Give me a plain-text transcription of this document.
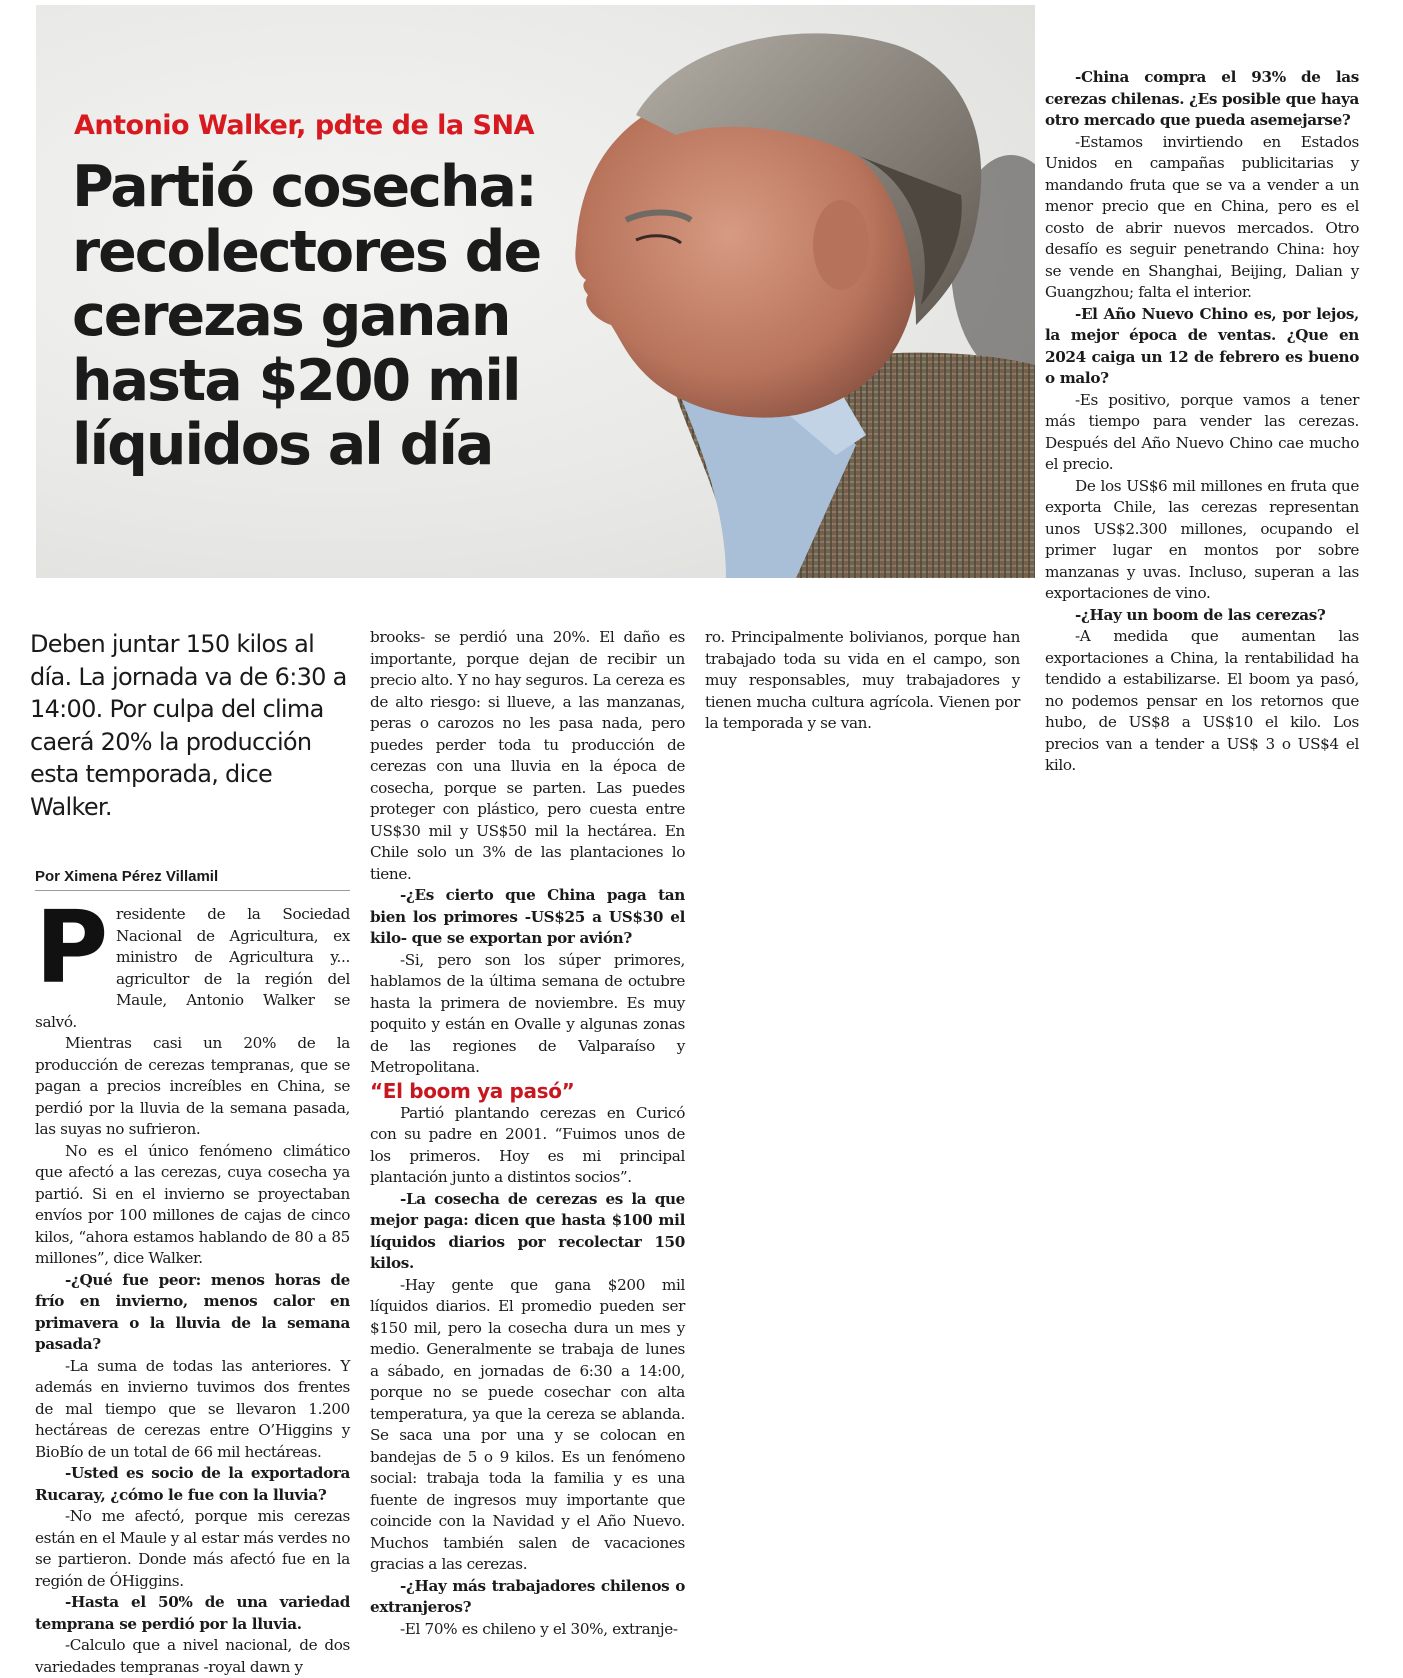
Antonio Walker, pdte de la SNA
Partió cosecha: recolectores de cerezas ganan hasta $200 mil líquidos al día

Deben juntar 150 kilos al día. La jornada va de 6:30 a 14:00. Por culpa del clima caerá 20% la producción esta temporada, dice Walker.

Por Ximena Pérez Villamil

Presidente de la Sociedad Nacional de Agricultura, ex ministro de Agricultura y... agricultor de la región del Maule, Antonio Walker se salvó.

Mientras casi un 20% de la producción de cerezas tempranas, que se pagan a precios increíbles en China, se perdió por la lluvia de la semana pasada, las suyas no sufrieron.

No es el único fenómeno climático que afectó a las cerezas, cuya cosecha ya partió. Si en el invierno se proyectaban envíos por 100 millones de cajas de cinco kilos, “ahora estamos hablando de 80 a 85 millones”, dice Walker.

-¿Qué fue peor: menos horas de frío en invierno, menos calor en primavera o la lluvia de la semana pasada?

-La suma de todas las anteriores. Y además en invierno tuvimos dos frentes de mal tiempo que se llevaron 1.200 hectáreas de cerezas entre O’Higgins y BioBío de un total de 66 mil hectáreas.

-Usted es socio de la exportadora Rucaray, ¿cómo le fue con la lluvia?

-No me afectó, porque mis cerezas están en el Maule y al estar más verdes no se partieron. Donde más afectó fue en la región de ÓHiggins.

-Hasta el 50% de una variedad temprana se perdió por la lluvia.

-Calculo que a nivel nacional, de dos variedades tempranas -royal dawn y

brooks- se perdió una 20%. El daño es importante, porque dejan de recibir un precio alto. Y no hay seguros. La cereza es de alto riesgo: si llueve, a las manzanas, peras o carozos no les pasa nada, pero puedes perder toda tu producción de cerezas con una lluvia en la época de cosecha, porque se parten. Las puedes proteger con plástico, pero cuesta entre US$30 mil y US$50 mil la hectárea. En Chile solo un 3% de las plantaciones lo tiene.

-¿Es cierto que China paga tan bien los primores -US$25 a US$30 el kilo- que se exportan por avión?

-Si, pero son los súper primores, hablamos de la última semana de octubre hasta la primera de noviembre. Es muy poquito y están en Ovalle y algunas zonas de las regiones de Valparaíso y Metropolitana.

“El boom ya pasó”

Partió plantando cerezas en Curicó con su padre en 2001. “Fuimos unos de los primeros. Hoy es mi principal plantación junto a distintos socios”.

-La cosecha de cerezas es la que mejor paga: dicen que hasta $100 mil líquidos diarios por recolectar 150 kilos.

-Hay gente que gana $200 mil líquidos diarios. El promedio pueden ser $150 mil, pero la cosecha dura un mes y medio. Generalmente se trabaja de lunes a sábado, en jornadas de 6:30 a 14:00, porque no se puede cosechar con alta temperatura, ya que la cereza se ablanda. Se saca una por una y se colocan en bandejas de 5 o 9 kilos. Es un fenómeno social: trabaja toda la familia y es una fuente de ingresos muy importante que coincide con la Navidad y el Año Nuevo. Muchos también salen de vacaciones gracias a las cerezas.

-¿Hay más trabajadores chilenos o extranjeros?

-El 70% es chileno y el 30%, extranje-

ro. Principalmente bolivianos, porque han trabajado toda su vida en el campo, son muy responsables, muy trabajadores y tienen mucha cultura agrícola. Vienen por la temporada y se van.

-China compra el 93% de las cerezas chilenas. ¿Es posible que haya otro mercado que pueda asemejarse?

-Estamos invirtiendo en Estados Unidos en campañas publicitarias y mandando fruta que se va a vender a un menor precio que en China, pero es el costo de abrir nuevos mercados. Otro desafío es seguir penetrando China: hoy se vende en Shanghai, Beijing, Dalian y Guangzhou; falta el interior.

-El Año Nuevo Chino es, por lejos, la mejor época de ventas. ¿Que en 2024 caiga un 12 de febrero es bueno o malo?

-Es positivo, porque vamos a tener más tiempo para vender las cerezas. Después del Año Nuevo Chino cae mucho el precio.

De los US$6 mil millones en fruta que exporta Chile, las cerezas representan unos US$2.300 millones, ocupando el primer lugar en montos por sobre manzanas y uvas. Incluso, superan a las exportaciones de vino.

-¿Hay un boom de las cerezas?

-A medida que aumentan las exportaciones a China, la rentabilidad ha tendido a estabilizarse. El boom ya pasó, no podemos pensar en los retornos que hubo, de US$8 a US$10 el kilo. Los precios van a tender a US$ 3 o US$4 el kilo.
